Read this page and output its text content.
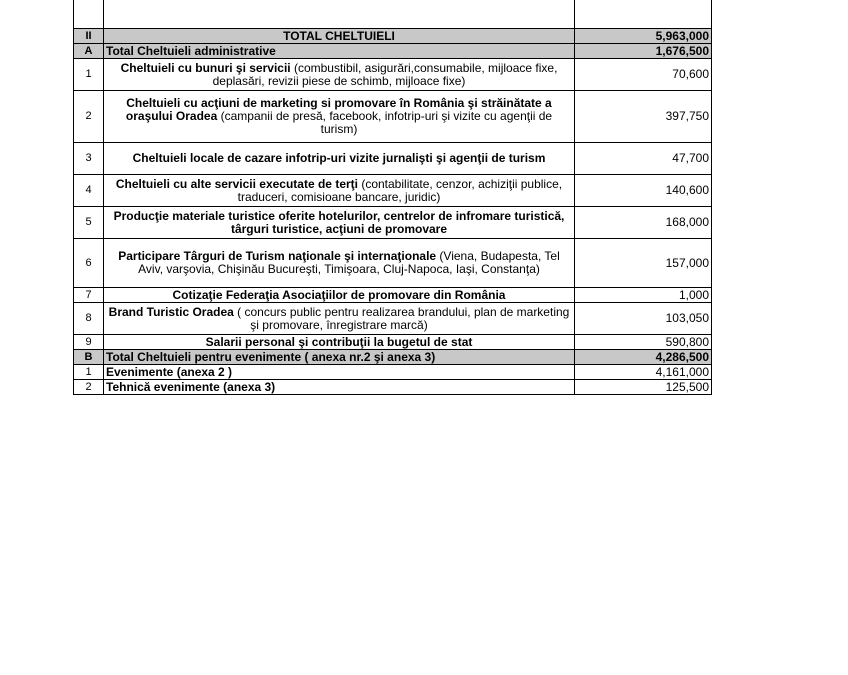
II	TOTAL CHELTUIELI	5,963,000
A	Total Cheltuieli administrative	1,676,500
1	Cheltuieli cu bunuri şi servicii (combustibil, asigurări,consumabile, mijloace fixe, deplasări, revizii piese de schimb, mijloace fixe)	70,600
2	Cheltuieli cu acţiuni de marketing si promovare în România şi străinătate a oraşului Oradea (campanii de presă, facebook, infotrip-uri şi vizite cu agenţii de turism)	397,750
3	Cheltuieli locale de cazare infotrip-uri vizite jurnalişti şi agenţii de turism	47,700
4	Cheltuieli cu alte servicii executate de terţi (contabilitate, cenzor, achiziţii publice, traduceri, comisioane bancare, juridic)	140,600
5	Producţie materiale turistice oferite hotelurilor, centrelor de infromare turistică, târguri turistice, acţiuni de promovare	168,000
6	Participare Târguri de Turism naţionale şi internaţionale (Viena, Budapesta, Tel Aviv, varşovia, Chişinău Bucureşti, Timişoara, Cluj-Napoca, Iaşi, Constanţa)	157,000
7	Cotizaţie Federaţia Asociaţiilor de promovare din România	1,000
8	Brand Turistic Oradea ( concurs public pentru realizarea brandului, plan de marketing şi promovare, înregistrare marcă)	103,050
9	Salarii personal şi contribuţii la bugetul de stat	590,800
B	Total Cheltuieli pentru evenimente ( anexa nr.2 şi anexa 3)	4,286,500
1	Evenimente (anexa 2 )	4,161,000
2	Tehnică evenimente (anexa 3)	125,500
